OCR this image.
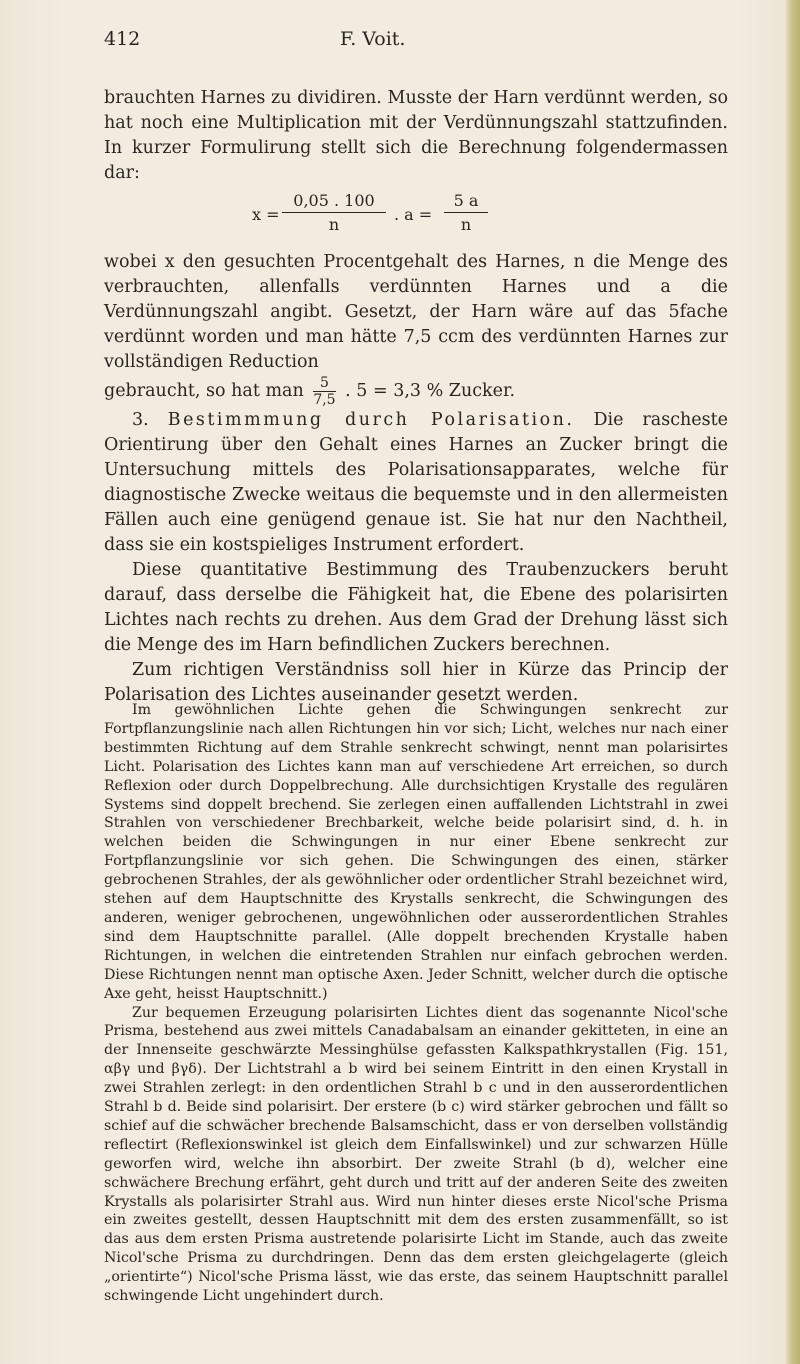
412	F. Voit.

brauchten Harnes zu dividiren. Musste der Harn verdünnt werden, so hat noch eine Multiplication mit der Verdünnungszahl stattzufinden. In kurzer Formulirung stellt sich die Berechnung folgendermassen dar:

$x = \frac{0,05 . 100}{n}$ . $a = \frac{5 a}{n}$

wobei x den gesuchten Procentgehalt des Harnes, n die Menge des verbrauchten, allenfalls verdünnten Harnes und a die Verdünnungszahl angibt. Gesetzt, der Harn wäre auf das 5fache verdünnt worden und man hätte 7,5 ccm des verdünnten Harnes zur vollständigen Reduction

gebraucht, so hat man $\frac{5}{7,5}$ . 5 = 3,3 % Zucker.

3. Bestimmmung durch Polarisation. Die rascheste Orientirung über den Gehalt eines Harnes an Zucker bringt die Untersuchung mittels des Polarisationsapparates, welche für diagnostische Zwecke weitaus die bequemste und in den allermeisten Fällen auch eine genügend genaue ist. Sie hat nur den Nachtheil, dass sie ein kostspieliges Instrument erfordert.

Diese quantitative Bestimmung des Traubenzuckers beruht darauf, dass derselbe die Fähigkeit hat, die Ebene des polarisirten Lichtes nach rechts zu drehen. Aus dem Grad der Drehung lässt sich die Menge des im Harn befindlichen Zuckers berechnen.

Zum richtigen Verständniss soll hier in Kürze das Princip der Polarisation des Lichtes auseinander gesetzt werden.

Im gewöhnlichen Lichte gehen die Schwingungen senkrecht zur Fortpflanzungslinie nach allen Richtungen hin vor sich; Licht, welches nur nach einer bestimmten Richtung auf dem Strahle senkrecht schwingt, nennt man polarisirtes Licht. Polarisation des Lichtes kann man auf verschiedene Art erreichen, so durch Reflexion oder durch Doppelbrechung. Alle durchsichtigen Krystalle des regulären Systems sind doppelt brechend. Sie zerlegen einen auffallenden Lichtstrahl in zwei Strahlen von verschiedener Brechbarkeit, welche beide polarisirt sind, d. h. in welchen beiden die Schwingungen in nur einer Ebene senkrecht zur Fortpflanzungslinie vor sich gehen. Die Schwingungen des einen, stärker gebrochenen Strahles, der als gewöhnlicher oder ordentlicher Strahl bezeichnet wird, stehen auf dem Hauptschnitte des Krystalls senkrecht, die Schwingungen des anderen, weniger gebrochenen, ungewöhnlichen oder ausserordentlichen Strahles sind dem Hauptschnitte parallel. (Alle doppelt brechenden Krystalle haben Richtungen, in welchen die eintretenden Strahlen nur einfach gebrochen werden. Diese Richtungen nennt man optische Axen. Jeder Schnitt, welcher durch die optische Axe geht, heisst Hauptschnitt.)

Zur bequemen Erzeugung polarisirten Lichtes dient das sogenannte Nicol'sche Prisma, bestehend aus zwei mittels Canadabalsam an einander gekitteten, in eine an der Innenseite geschwärzte Messinghülse gefassten Kalkspathkrystallen (Fig. 151, αβγ und βγδ). Der Lichtstrahl a b wird bei seinem Eintritt in den einen Krystall in zwei Strahlen zerlegt: in den ordentlichen Strahl b c und in den ausserordentlichen Strahl b d. Beide sind polarisirt. Der erstere (b c) wird stärker gebrochen und fällt so schief auf die schwächer brechende Balsamschicht, dass er von derselben vollständig reflectirt (Reflexionswinkel ist gleich dem Einfallswinkel) und zur schwarzen Hülle geworfen wird, welche ihn absorbirt. Der zweite Strahl (b d), welcher eine schwächere Brechung erfährt, geht durch und tritt auf der anderen Seite des zweiten Krystalls als polarisirter Strahl aus. Wird nun hinter dieses erste Nicol'sche Prisma ein zweites gestellt, dessen Hauptschnitt mit dem des ersten zusammenfällt, so ist das aus dem ersten Prisma austretende polarisirte Licht im Stande, auch das zweite Nicol'sche Prisma zu durchdringen. Denn das dem ersten gleichgelagerte (gleich „orientirte“) Nicol'sche Prisma lässt, wie das erste, das seinem Hauptschnitt parallel schwingende Licht ungehindert durch.
